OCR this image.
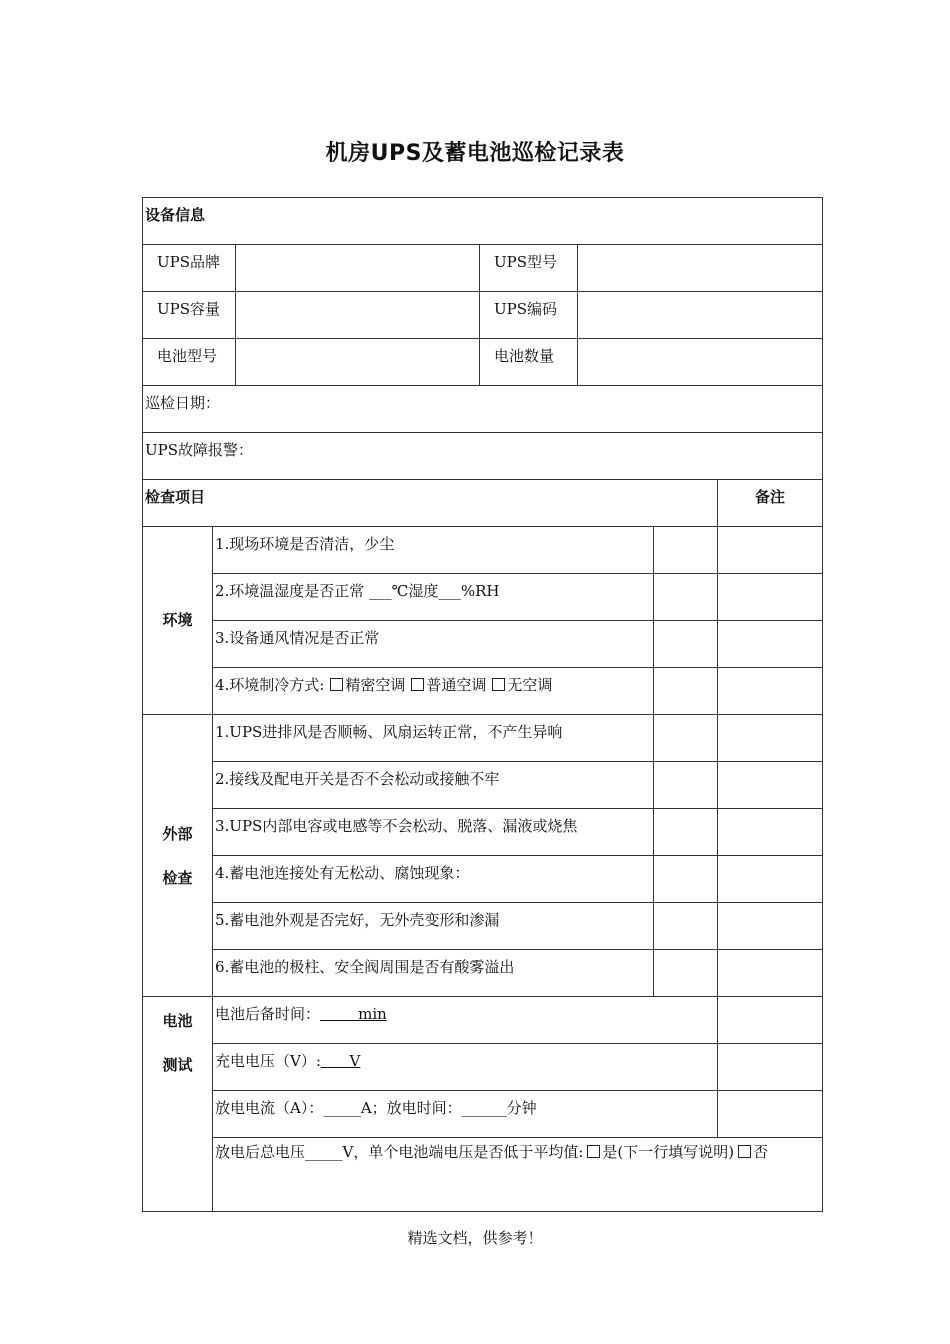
机房UPS及蓄电池巡检记录表
设备信息						
UPS品牌			UPS型号			
UPS容量			UPS编码			
电池型号			电池数量			
巡检日期：						
UPS故障报警：						
检查项目						备注
环境	1.现场环境是否清洁，少尘					
	2.环境温湿度是否正常 ___℃湿度___%RH					
	3.设备通风情况是否正常					
	4.环境制冷方式: 精密空调 普通空调 无空调					

外部
检查	1.UPS进排风是否顺畅、风扇运转正常，不产生异响					
	2.接线及配电开关是否不会松动或接触不牢					
	3.UPS内部电容或电感等不会松动、脱落、漏液或烧焦					
	4.蓄电池连接处有无松动、腐蚀现象：					
	5.蓄电池外观是否完好，无外壳变形和渗漏					
	6.蓄电池的极柱、安全阀周围是否有酸雾溢出					

电池
测试	电池后备时间：        min					
	充电电压（V）:      V					
	放电电流（A）：_____A；放电时间：______分钟					
	放电后总电压_____V，单个电池端电压是否低于平均值: 是(下一行填写说明) 否					
精选文档，供参考！
